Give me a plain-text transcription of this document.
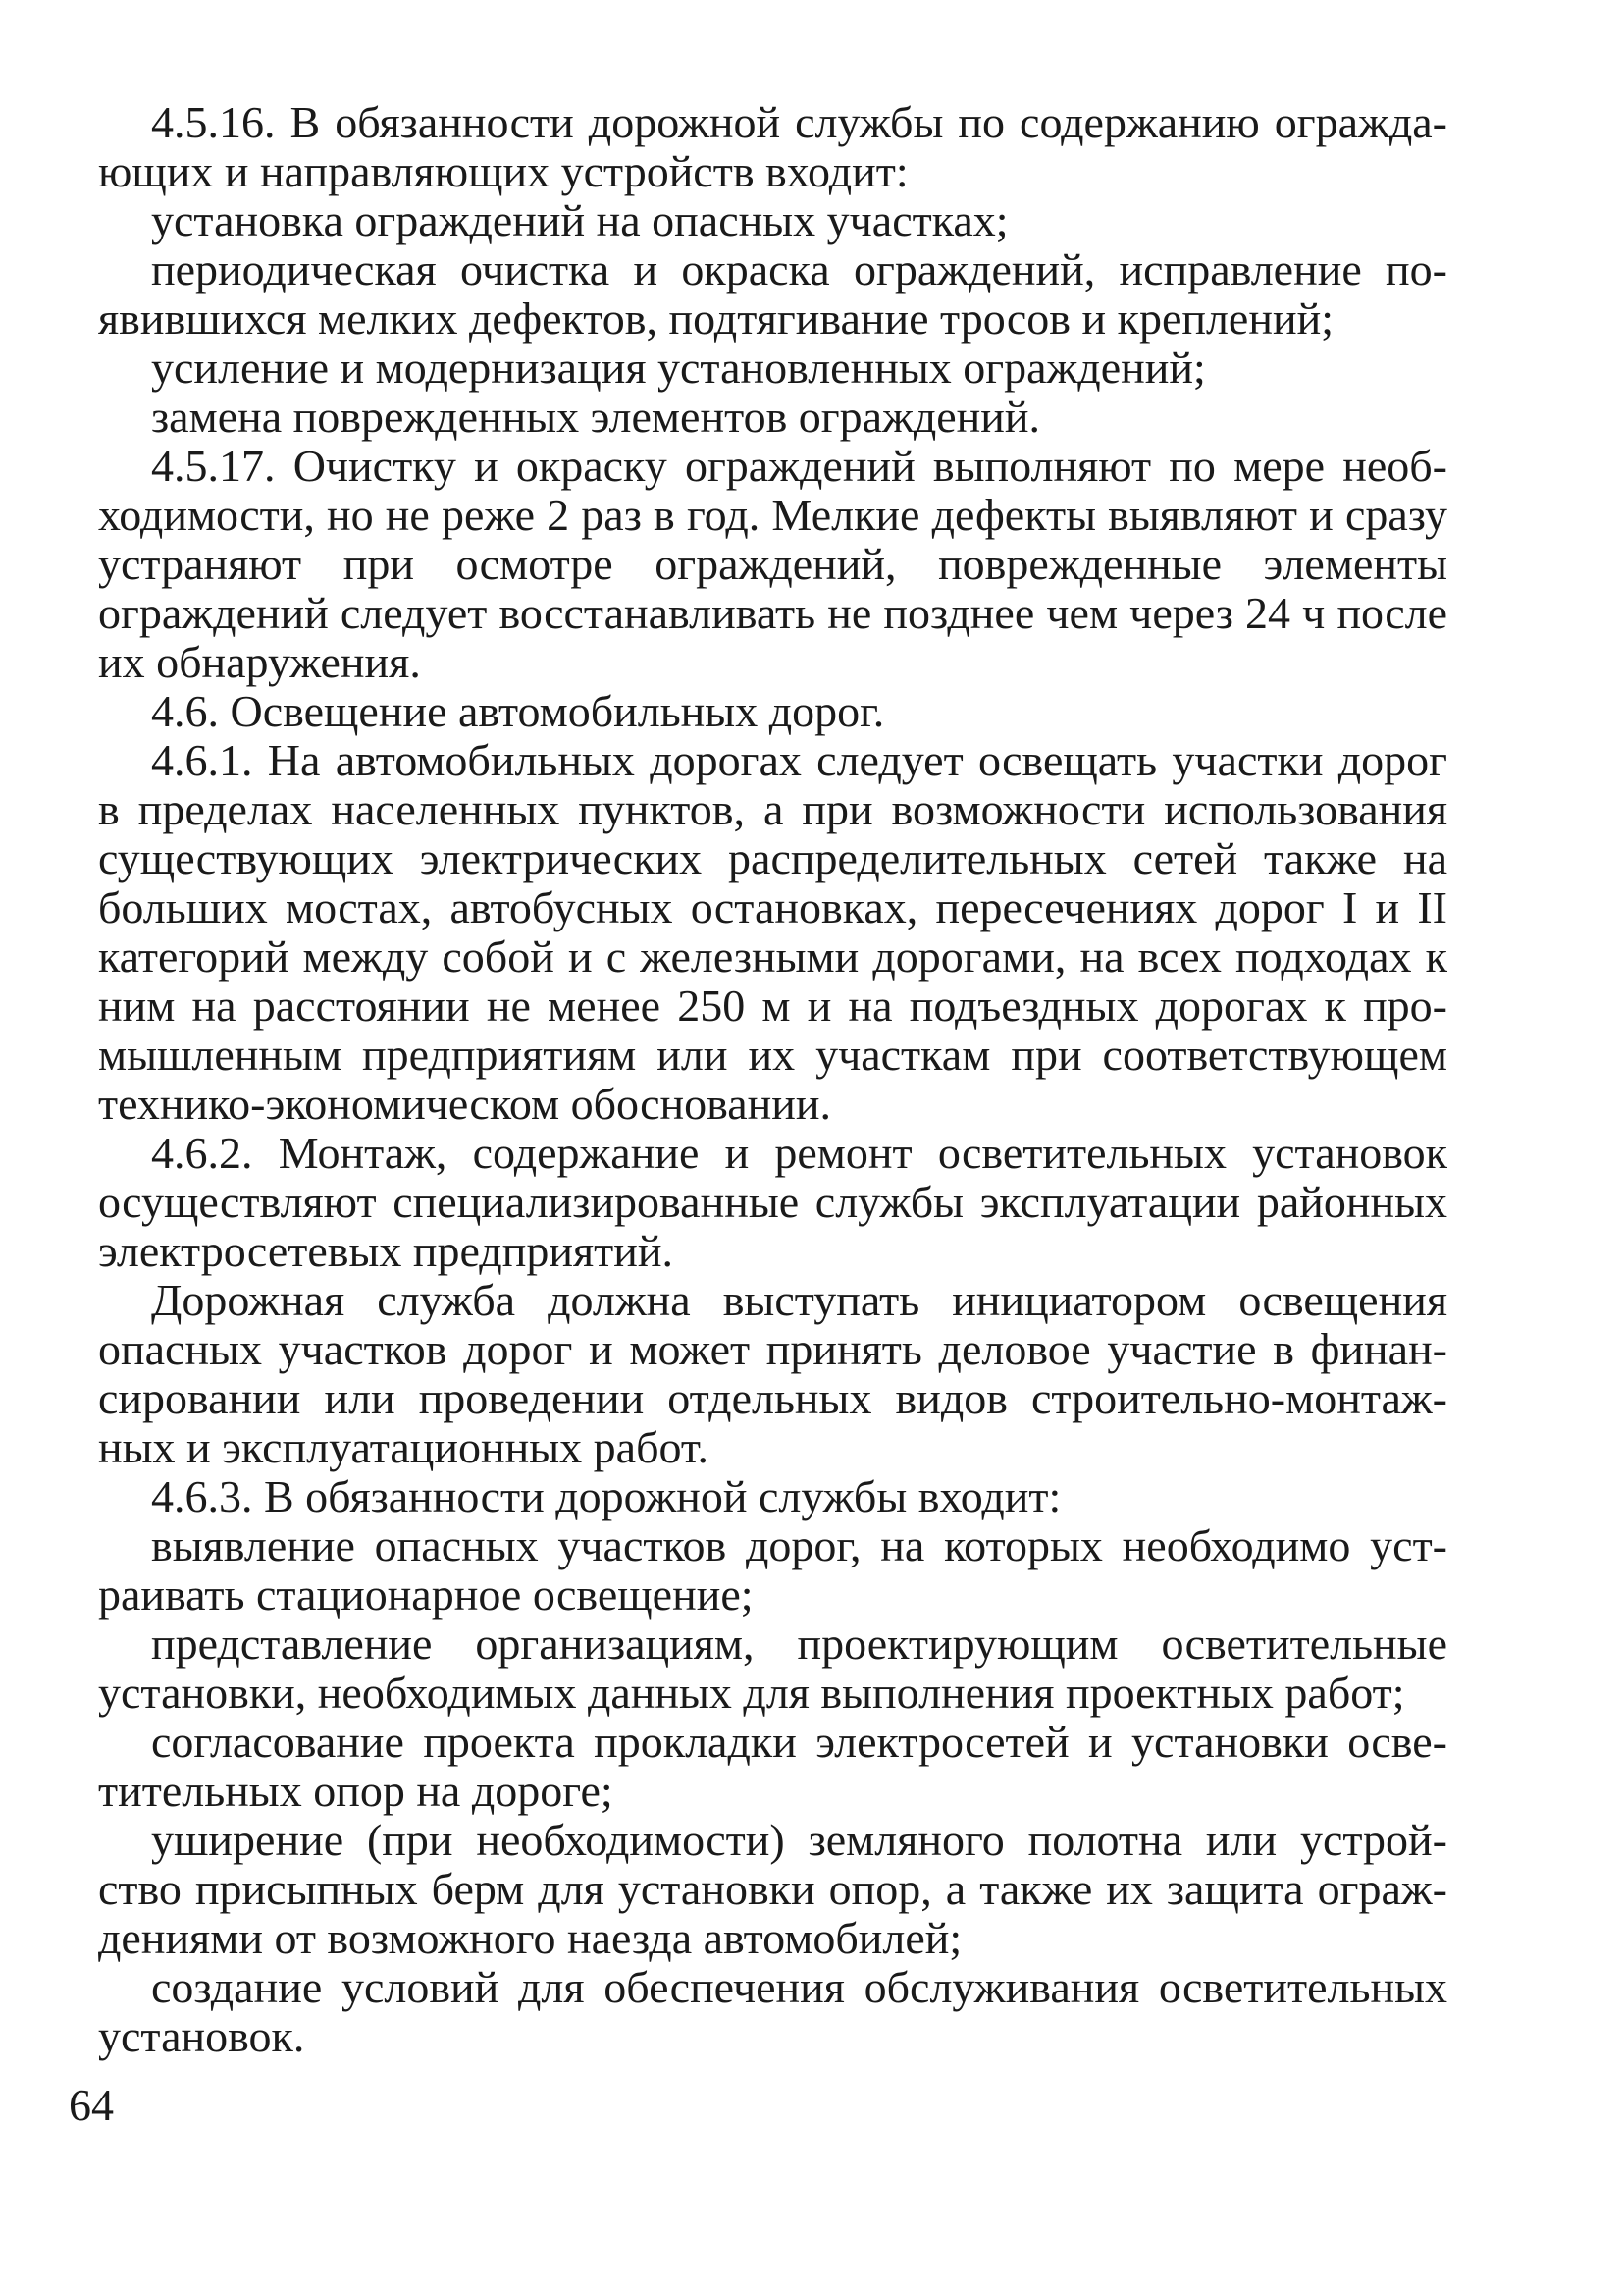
4.5.16. В обязанности дорожной службы по содержанию огражда-ющих и направляющих устройств входит:

установка ограждений на опасных участках;

периодическая очистка и окраска ограждений, исправление по-явившихся мелких дефектов, подтягивание тросов и креплений;

усиление и модернизация установленных ограждений;

замена поврежденных элементов ограждений.

4.5.17. Очистку и окраску ограждений выполняют по мере необ-ходимости, но не реже 2 раз в год. Мелкие дефекты выявляют и сразу устраняют при осмотре ограждений, поврежденные элементы ограждений следует восстанавливать не позднее чем через 24 ч после их обнаружения.

4.6. Освещение автомобильных дорог.

4.6.1. На автомобильных дорогах следует освещать участки дорог в пределах населенных пунктов, а при возможности использования существующих электрических распределительных сетей также на больших мостах, автобусных остановках, пересечениях дорог I и II категорий между собой и с железными дорогами, на всех подходах к ним на расстоянии не менее 250 м и на подъездных дорогах к про-мышленным предприятиям или их участкам при соответствующем технико-экономическом обосновании.

4.6.2. Монтаж, содержание и ремонт осветительных установок осуществляют специализированные службы эксплуатации районных электросетевых предприятий.

Дорожная служба должна выступать инициатором освещения опасных участков дорог и может принять деловое участие в финан-сировании или проведении отдельных видов строительно-монтаж-ных и эксплуатационных работ.

4.6.3. В обязанности дорожной службы входит:

выявление опасных участков дорог, на которых необходимо уст-раивать стационарное освещение;

представление организациям, проектирующим осветительные установки, необходимых данных для выполнения проектных работ;

согласование проекта прокладки электросетей и установки осве-тительных опор на дороге;

уширение (при необходимости) земляного полотна или устрой-ство присыпных берм для установки опор, а также их защита ограж-дениями от возможного наезда автомобилей;

создание условий для обеспечения обслуживания осветительных установок.

64
